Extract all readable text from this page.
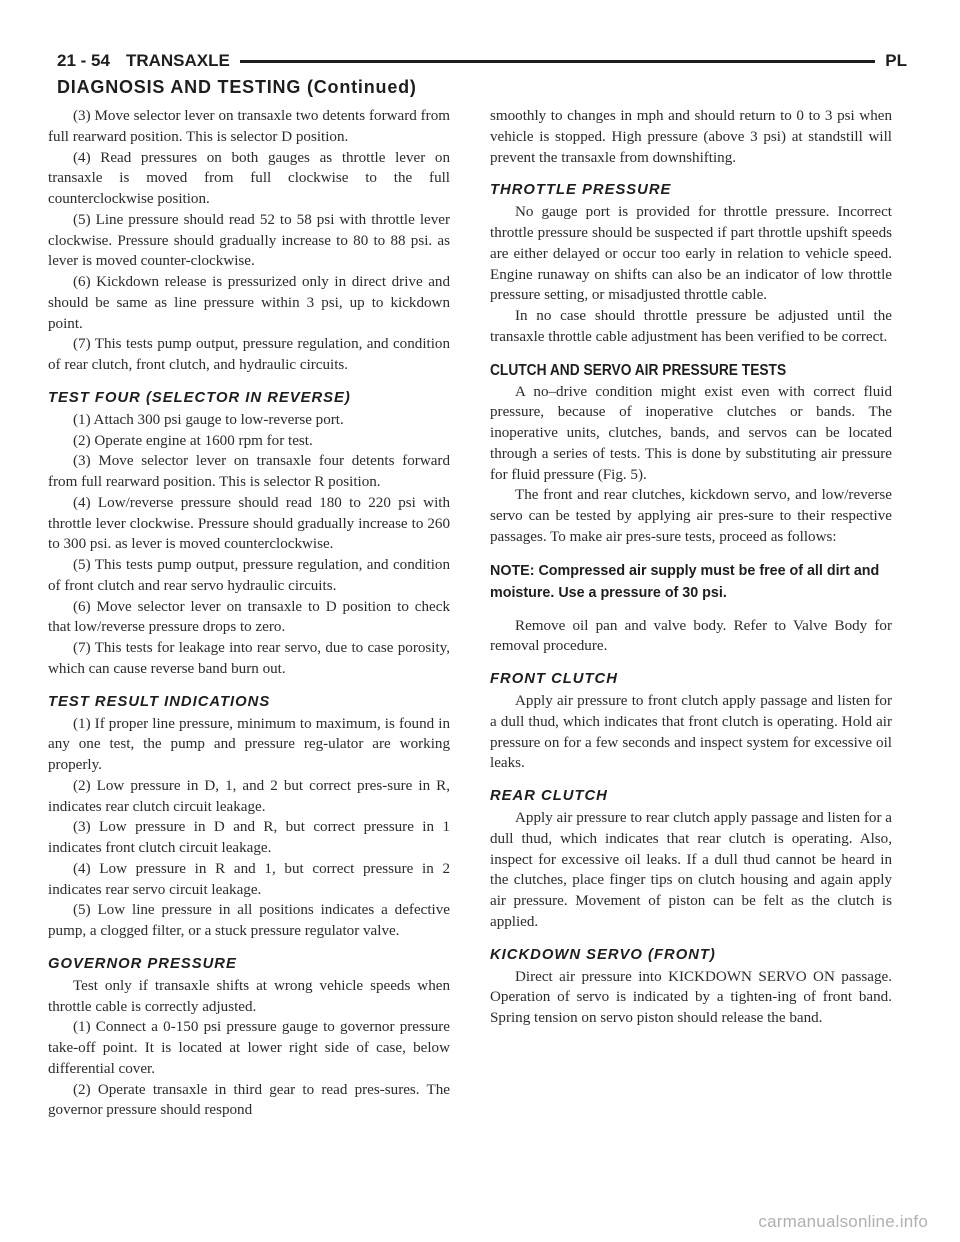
21 - 54 TRANSAXLE	PL
DIAGNOSIS AND TESTING (Continued)

(3) Move selector lever on transaxle two detents forward from full rearward position. This is selector D position.

(4) Read pressures on both gauges as throttle lever on transaxle is moved from full clockwise to the full counterclockwise position.

(5) Line pressure should read 52 to 58 psi with throttle lever clockwise. Pressure should gradually increase to 80 to 88 psi. as lever is moved counter-clockwise.

(6) Kickdown release is pressurized only in direct drive and should be same as line pressure within 3 psi, up to kickdown point.

(7) This tests pump output, pressure regulation, and condition of rear clutch, front clutch, and hydraulic circuits.

TEST FOUR (SELECTOR IN REVERSE)

(1) Attach 300 psi gauge to low-reverse port.

(2) Operate engine at 1600 rpm for test.

(3) Move selector lever on transaxle four detents forward from full rearward position. This is selector R position.

(4) Low/reverse pressure should read 180 to 220 psi with throttle lever clockwise. Pressure should gradually increase to 260 to 300 psi. as lever is moved counterclockwise.

(5) This tests pump output, pressure regulation, and condition of front clutch and rear servo hydraulic circuits.

(6) Move selector lever on transaxle to D position to check that low/reverse pressure drops to zero.

(7) This tests for leakage into rear servo, due to case porosity, which can cause reverse band burn out.

TEST RESULT INDICATIONS

(1) If proper line pressure, minimum to maximum, is found in any one test, the pump and pressure reg-ulator are working properly.

(2) Low pressure in D, 1, and 2 but correct pres-sure in R, indicates rear clutch circuit leakage.

(3) Low pressure in D and R, but correct pressure in 1 indicates front clutch circuit leakage.

(4) Low pressure in R and 1, but correct pressure in 2 indicates rear servo circuit leakage.

(5) Low line pressure in all positions indicates a defective pump, a clogged filter, or a stuck pressure regulator valve.

GOVERNOR PRESSURE

Test only if transaxle shifts at wrong vehicle speeds when throttle cable is correctly adjusted.

(1) Connect a 0-150 psi pressure gauge to governor pressure take-off point. It is located at lower right side of case, below differential cover.

(2) Operate transaxle in third gear to read pres-sures. The governor pressure should respond

smoothly to changes in mph and should return to 0 to 3 psi when vehicle is stopped. High pressure (above 3 psi) at standstill will prevent the transaxle from downshifting.

THROTTLE PRESSURE

No gauge port is provided for throttle pressure. Incorrect throttle pressure should be suspected if part throttle upshift speeds are either delayed or occur too early in relation to vehicle speed. Engine runaway on shifts can also be an indicator of low throttle pressure setting, or misadjusted throttle cable.

In no case should throttle pressure be adjusted until the transaxle throttle cable adjustment has been verified to be correct.

CLUTCH AND SERVO AIR PRESSURE TESTS

A no–drive condition might exist even with correct fluid pressure, because of inoperative clutches or bands. The inoperative units, clutches, bands, and servos can be located through a series of tests. This is done by substituting air pressure for fluid pressure (Fig. 5).

The front and rear clutches, kickdown servo, and low/reverse servo can be tested by applying air pres-sure to their respective passages. To make air pres-sure tests, proceed as follows:

NOTE: Compressed air supply must be free of all dirt and moisture. Use a pressure of 30 psi.

Remove oil pan and valve body. Refer to Valve Body for removal procedure.

FRONT CLUTCH

Apply air pressure to front clutch apply passage and listen for a dull thud, which indicates that front clutch is operating. Hold air pressure on for a few seconds and inspect system for excessive oil leaks.

REAR CLUTCH

Apply air pressure to rear clutch apply passage and listen for a dull thud, which indicates that rear clutch is operating. Also, inspect for excessive oil leaks. If a dull thud cannot be heard in the clutches, place finger tips on clutch housing and again apply air pressure. Movement of piston can be felt as the clutch is applied.

KICKDOWN SERVO (FRONT)

Direct air pressure into KICKDOWN SERVO ON passage. Operation of servo is indicated by a tighten-ing of front band. Spring tension on servo piston should release the band.

carmanualsonline.info
